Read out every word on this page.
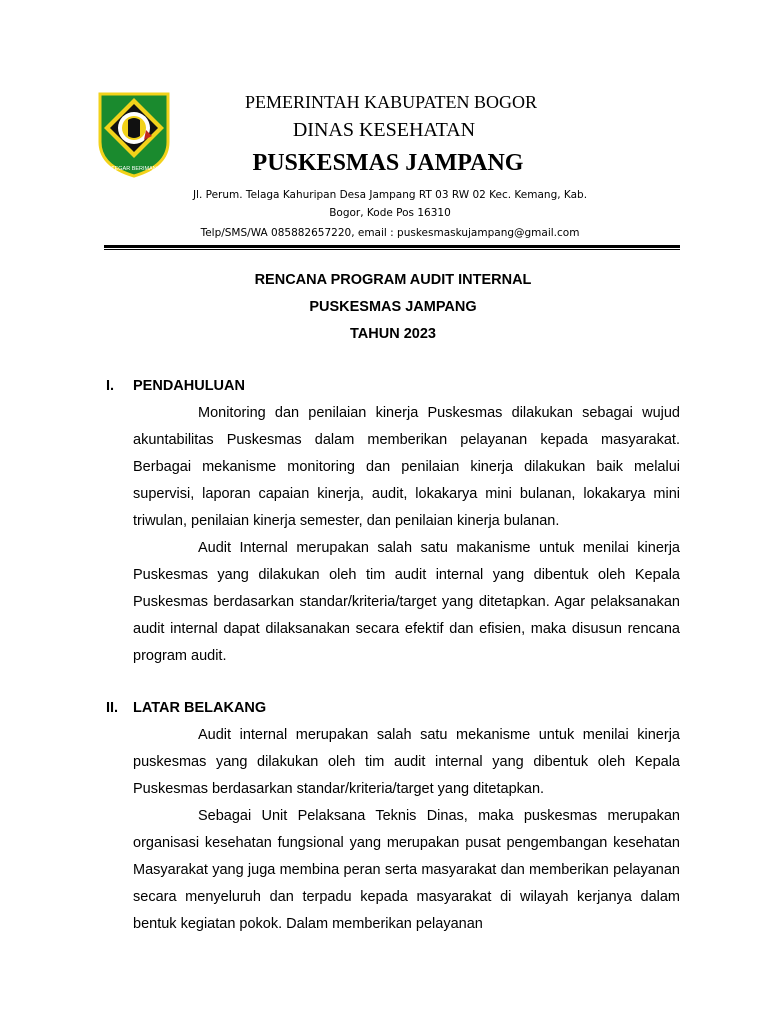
TEGAR BERIMAN
PEMERINTAH KABUPATEN BOGOR
DINAS KESEHATAN
PUSKESMAS JAMPANG
Jl. Perum. Telaga Kahuripan Desa Jampang RT 03 RW 02 Kec. Kemang, Kab. Bogor, Kode Pos 16310
Telp/SMS/WA 085882657220, email : puskesmaskujampang@gmail.com
RENCANA PROGRAM AUDIT INTERNAL
PUSKESMAS JAMPANG
TAHUN 2023
I. PENDAHULUAN

Monitoring dan penilaian kinerja Puskesmas dilakukan sebagai wujud akuntabilitas Puskesmas dalam memberikan pelayanan kepada masyarakat. Berbagai mekanisme monitoring dan penilaian kinerja dilakukan baik melalui supervisi, laporan capaian kinerja, audit, lokakarya mini bulanan, lokakarya mini triwulan, penilaian kinerja semester, dan penilaian kinerja bulanan.

Audit Internal merupakan salah satu makanisme untuk menilai kinerja Puskesmas yang dilakukan oleh tim audit internal yang dibentuk oleh Kepala Puskesmas berdasarkan standar/kriteria/target yang ditetapkan. Agar pelaksanakan audit internal dapat dilaksanakan secara efektif dan efisien, maka disusun rencana program audit.

II. LATAR BELAKANG

Audit internal merupakan salah satu mekanisme untuk menilai kinerja puskesmas yang dilakukan oleh tim audit internal yang dibentuk oleh Kepala Puskesmas berdasarkan standar/kriteria/target yang ditetapkan.

Sebagai Unit Pelaksana Teknis Dinas, maka puskesmas merupakan organisasi kesehatan fungsional yang merupakan pusat pengembangan kesehatan Masyarakat yang juga membina peran serta masyarakat dan memberikan pelayanan secara menyeluruh dan terpadu kepada masyarakat di wilayah kerjanya dalam bentuk kegiatan pokok. Dalam memberikan pelayanan
